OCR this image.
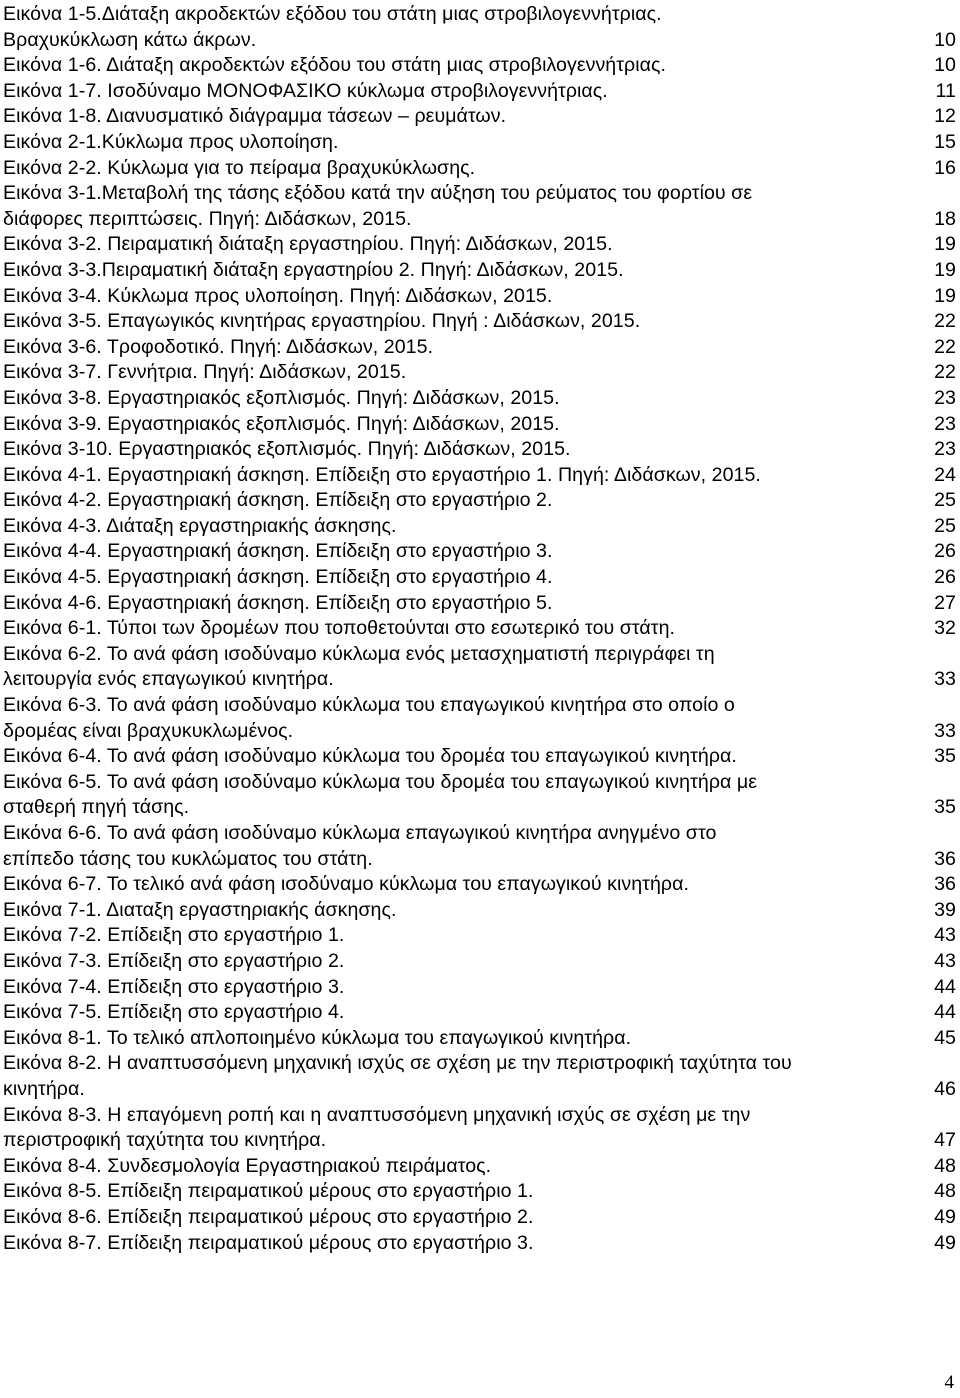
Εικόνα 1-5.Διάταξη ακροδεκτών εξόδου του στάτη μιας στροβιλογεννήτριας.
Βραχυκύκλωση κάτω άκρων.	10
Εικόνα 1-6. Διάταξη ακροδεκτών εξόδου του στάτη μιας στροβιλογεννήτριας.	10
Εικόνα 1-7. Ισοδύναμο ΜΟΝΟΦΑΣΙΚΟ κύκλωμα στροβιλογεννήτριας.	11
Εικόνα 1-8. Διανυσματικό διάγραμμα τάσεων – ρευμάτων.	12
Εικόνα 2-1.Κύκλωμα προς υλοποίηση.	15
Εικόνα 2-2. Κύκλωμα για το πείραμα βραχυκύκλωσης.	16
Εικόνα 3-1.Μεταβολή της τάσης εξόδου κατά την αύξηση του ρεύματος του φορτίου σε
διάφορες περιπτώσεις. Πηγή: Διδάσκων, 2015.	18
Εικόνα 3-2. Πειραματική διάταξη εργαστηρίου. Πηγή: Διδάσκων, 2015.	19
Εικόνα 3-3.Πειραματική διάταξη εργαστηρίου 2. Πηγή: Διδάσκων, 2015.	19
Εικόνα 3-4. Κύκλωμα προς υλοποίηση. Πηγή: Διδάσκων, 2015.	19
Εικόνα 3-5. Επαγωγικός κινητήρας εργαστηρίου. Πηγή : Διδάσκων, 2015.	22
Εικόνα 3-6. Τροφοδοτικό. Πηγή: Διδάσκων, 2015.	22
Εικόνα 3-7. Γεννήτρια. Πηγή: Διδάσκων, 2015.	22
Εικόνα 3-8. Εργαστηριακός εξοπλισμός. Πηγή: Διδάσκων, 2015.	23
Εικόνα 3-9. Εργαστηριακός εξοπλισμός. Πηγή: Διδάσκων, 2015.	23
Εικόνα 3-10. Εργαστηριακός εξοπλισμός. Πηγή: Διδάσκων, 2015.	23
Εικόνα 4-1. Εργαστηριακή άσκηση. Επίδειξη στο εργαστήριο 1. Πηγή: Διδάσκων, 2015.	24
Εικόνα 4-2. Εργαστηριακή άσκηση. Επίδειξη στο εργαστήριο 2.	25
Εικόνα 4-3. Διάταξη εργαστηριακής άσκησης.	25
Εικόνα 4-4. Εργαστηριακή άσκηση. Επίδειξη στο εργαστήριο 3.	26
Εικόνα 4-5. Εργαστηριακή άσκηση. Επίδειξη στο εργαστήριο 4.	26
Εικόνα 4-6. Εργαστηριακή άσκηση. Επίδειξη στο εργαστήριο 5.	27
Εικόνα 6-1. Τύποι των δρομέων που τοποθετούνται στο εσωτερικό του στάτη.	32
Εικόνα 6-2. Το ανά φάση ισοδύναμο κύκλωμα ενός μετασχηματιστή περιγράφει τη
λειτουργία ενός επαγωγικού κινητήρα.	33
Εικόνα 6-3. Το ανά φάση ισοδύναμο κύκλωμα του επαγωγικού κινητήρα στο οποίο ο
δρομέας είναι βραχυκυκλωμένος.	33
Εικόνα 6-4. Το ανά φάση ισοδύναμο κύκλωμα του δρομέα του επαγωγικού κινητήρα.	35
Εικόνα 6-5. Το ανά φάση ισοδύναμο κύκλωμα του δρομέα του επαγωγικού κινητήρα με
σταθερή πηγή τάσης.	35
Εικόνα 6-6. Το ανά φάση ισοδύναμο κύκλωμα επαγωγικού κινητήρα ανηγμένο στο
επίπεδο τάσης του κυκλώματος του στάτη.	36
Εικόνα 6-7. Το τελικό ανά φάση ισοδύναμο κύκλωμα του επαγωγικού κινητήρα.	36
Εικόνα 7-1. Διαταξη εργαστηριακής άσκησης.	39
Εικόνα 7-2. Επίδειξη στο εργαστήριο 1.	43
Εικόνα 7-3. Επίδειξη στο εργαστήριο 2.	43
Εικόνα 7-4. Επίδειξη στο εργαστήριο 3.	44
Εικόνα 7-5. Επίδειξη στο εργαστήριο 4.	44
Εικόνα 8-1. Το τελικό απλοποιημένο κύκλωμα του επαγωγικού κινητήρα.	45
Εικόνα 8-2. Η αναπτυσσόμενη μηχανική ισχύς σε σχέση με την περιστροφική ταχύτητα του
κινητήρα.	46
Εικόνα 8-3. Η επαγόμενη ροπή και η αναπτυσσόμενη μηχανική ισχύς σε σχέση με την
περιστροφική ταχύτητα του κινητήρα.	47
Εικόνα 8-4. Συνδεσμολογία Εργαστηριακού πειράματος.	48
Εικόνα 8-5. Επίδειξη πειραματικού μέρους στο εργαστήριο 1.	48
Εικόνα 8-6. Επίδειξη πειραματικού μέρους στο εργαστήριο 2.	49
Εικόνα 8-7. Επίδειξη πειραματικού μέρους στο εργαστήριο 3.	49
4
